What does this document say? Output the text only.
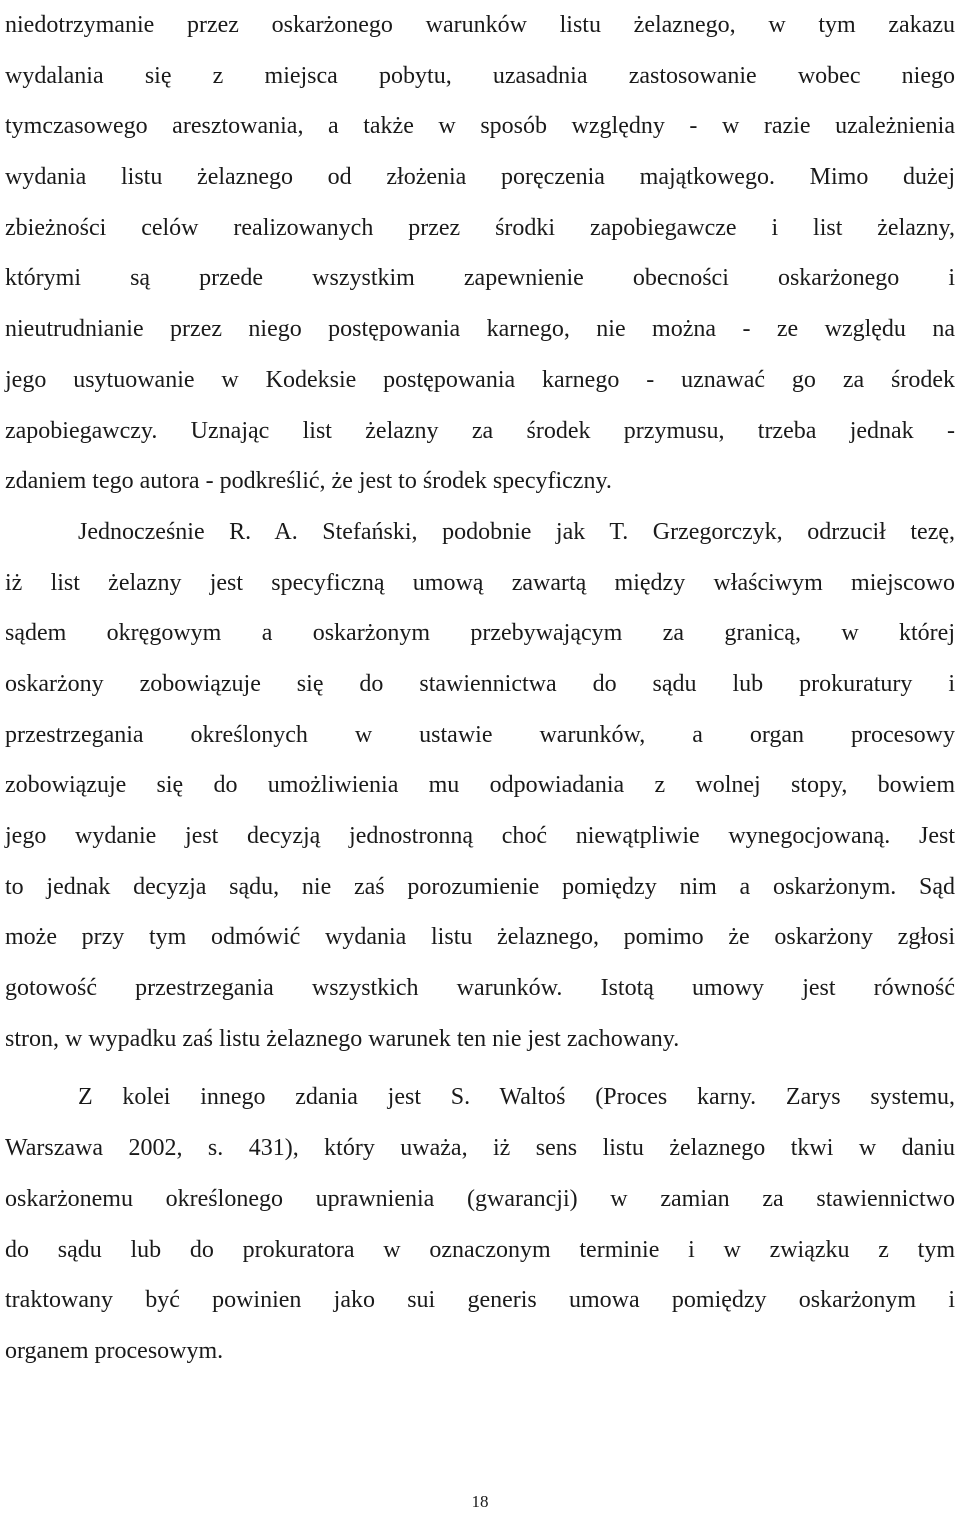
niedotrzymanie przez oskarżonego warunków listu żelaznego, w tym zakazu
wydalania się z miejsca pobytu, uzasadnia zastosowanie wobec niego
tymczasowego aresztowania, a także w sposób względny - w razie uzależnienia
wydania listu żelaznego od złożenia poręczenia majątkowego. Mimo dużej
zbieżności celów realizowanych przez środki zapobiegawcze i list żelazny,
którymi są przede wszystkim zapewnienie obecności oskarżonego i
nieutrudnianie przez niego postępowania karnego, nie można - ze względu na
jego usytuowanie w Kodeksie postępowania karnego - uznawać go za środek
zapobiegawczy. Uznając list żelazny za środek przymusu, trzeba jednak -
zdaniem tego autora - podkreślić, że jest to środek specyficzny.
Jednocześnie R. A. Stefański, podobnie jak T. Grzegorczyk, odrzucił tezę,
iż list żelazny jest specyficzną umową zawartą między właściwym miejscowo
sądem okręgowym a oskarżonym przebywającym za granicą, w której
oskarżony zobowiązuje się do stawiennictwa do sądu lub prokuratury i
przestrzegania określonych w ustawie warunków, a organ procesowy
zobowiązuje się do umożliwienia mu odpowiadania z wolnej stopy, bowiem
jego wydanie jest decyzją jednostronną choć niewątpliwie wynegocjowaną. Jest
to jednak decyzja sądu, nie zaś porozumienie pomiędzy nim a oskarżonym. Sąd
może przy tym odmówić wydania listu żelaznego, pomimo że oskarżony zgłosi
gotowość przestrzegania wszystkich warunków. Istotą umowy jest równość
stron, w wypadku zaś listu żelaznego warunek ten nie jest zachowany.
Z kolei innego zdania jest S. Waltoś (Proces karny. Zarys systemu,
Warszawa 2002, s. 431), który uważa, iż sens listu żelaznego tkwi w daniu
oskarżonemu określonego uprawnienia (gwarancji) w zamian za stawiennictwo
do sądu lub do prokuratora w oznaczonym terminie i w związku z tym
traktowany być powinien jako sui generis umowa pomiędzy oskarżonym i
organem procesowym.
18
